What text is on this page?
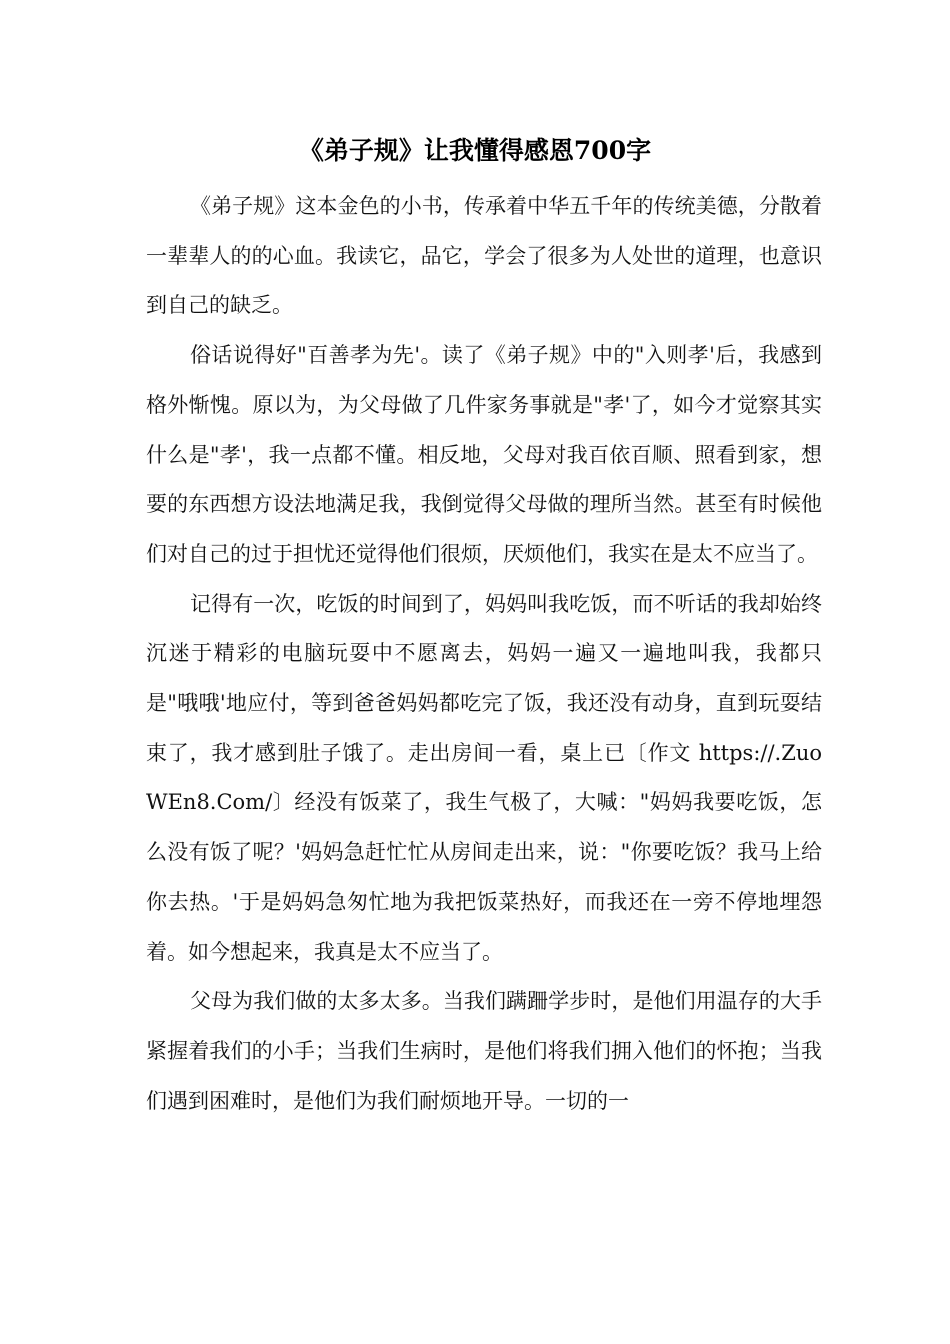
《弟子规》让我懂得感恩700字

《弟子规》这本金色的小书，传承着中华五千年的传统美德，分散着一辈辈人的的心血。我读它，品它，学会了很多为人处世的道理，也意识到自己的缺乏。

俗话说得好"百善孝为先'。读了《弟子规》中的"入则孝'后，我感到格外惭愧。原以为，为父母做了几件家务事就是"孝'了，如今才觉察其实什么是"孝'，我一点都不懂。相反地，父母对我百依百顺、照看到家，想要的东西想方设法地满足我，我倒觉得父母做的理所当然。甚至有时候他们对自己的过于担忧还觉得他们很烦，厌烦他们，我实在是太不应当了。

记得有一次，吃饭的时间到了，妈妈叫我吃饭，而不听话的我却始终沉迷于精彩的电脑玩耍中不愿离去，妈妈一遍又一遍地叫我，我都只是"哦哦'地应付，等到爸爸妈妈都吃完了饭，我还没有动身，直到玩耍结束了，我才感到肚子饿了。走出房间一看，桌上已〔作文 https://.ZuoWEn8.Com/〕经没有饭菜了，我生气极了，大喊："妈妈我要吃饭，怎么没有饭了呢？'妈妈急赶忙忙从房间走出来，说："你要吃饭？我马上给你去热。'于是妈妈急匆忙地为我把饭菜热好，而我还在一旁不停地埋怨着。如今想起来，我真是太不应当了。

父母为我们做的太多太多。当我们蹒跚学步时，是他们用温存的大手紧握着我们的小手；当我们生病时，是他们将我们拥入他们的怀抱；当我们遇到困难时，是他们为我们耐烦地开导。一切的一
